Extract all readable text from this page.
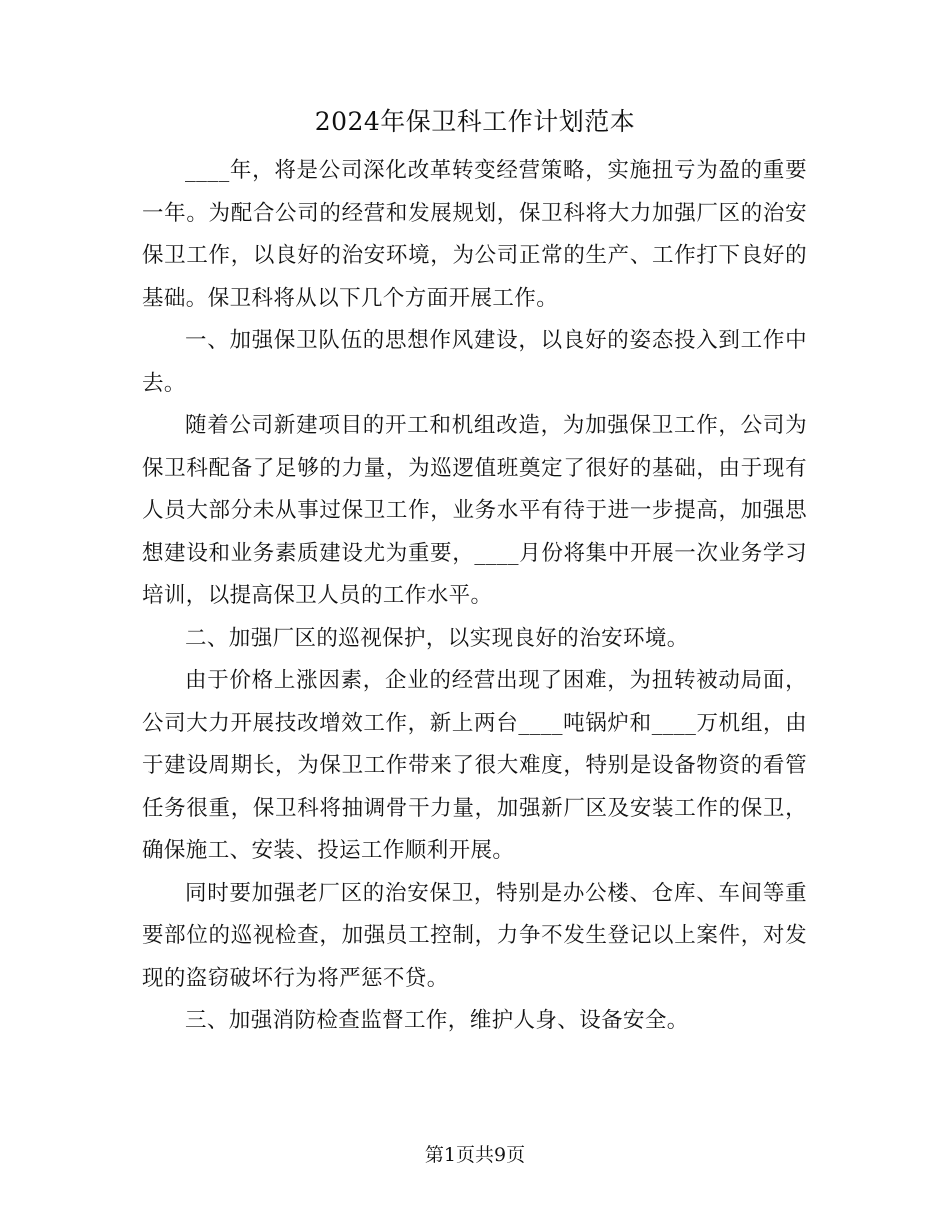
2024年保卫科工作计划范本

____年，将是公司深化改革转变经营策略，实施扭亏为盈的重要一年。为配合公司的经营和发展规划，保卫科将大力加强厂区的治安保卫工作，以良好的治安环境，为公司正常的生产、工作打下良好的基础。保卫科将从以下几个方面开展工作。

一、加强保卫队伍的思想作风建设，以良好的姿态投入到工作中去。

随着公司新建项目的开工和机组改造，为加强保卫工作，公司为保卫科配备了足够的力量，为巡逻值班奠定了很好的基础，由于现有人员大部分未从事过保卫工作，业务水平有待于进一步提高，加强思想建设和业务素质建设尤为重要，____月份将集中开展一次业务学习培训，以提高保卫人员的工作水平。

二、加强厂区的巡视保护，以实现良好的治安环境。

由于价格上涨因素，企业的经营出现了困难，为扭转被动局面，公司大力开展技改增效工作，新上两台____吨锅炉和____万机组，由于建设周期长，为保卫工作带来了很大难度，特别是设备物资的看管任务很重，保卫科将抽调骨干力量，加强新厂区及安装工作的保卫，确保施工、安装、投运工作顺利开展。

同时要加强老厂区的治安保卫，特别是办公楼、仓库、车间等重要部位的巡视检查，加强员工控制，力争不发生登记以上案件，对发现的盗窃破坏行为将严惩不贷。

三、加强消防检查监督工作，维护人身、设备安全。

第1页共9页
